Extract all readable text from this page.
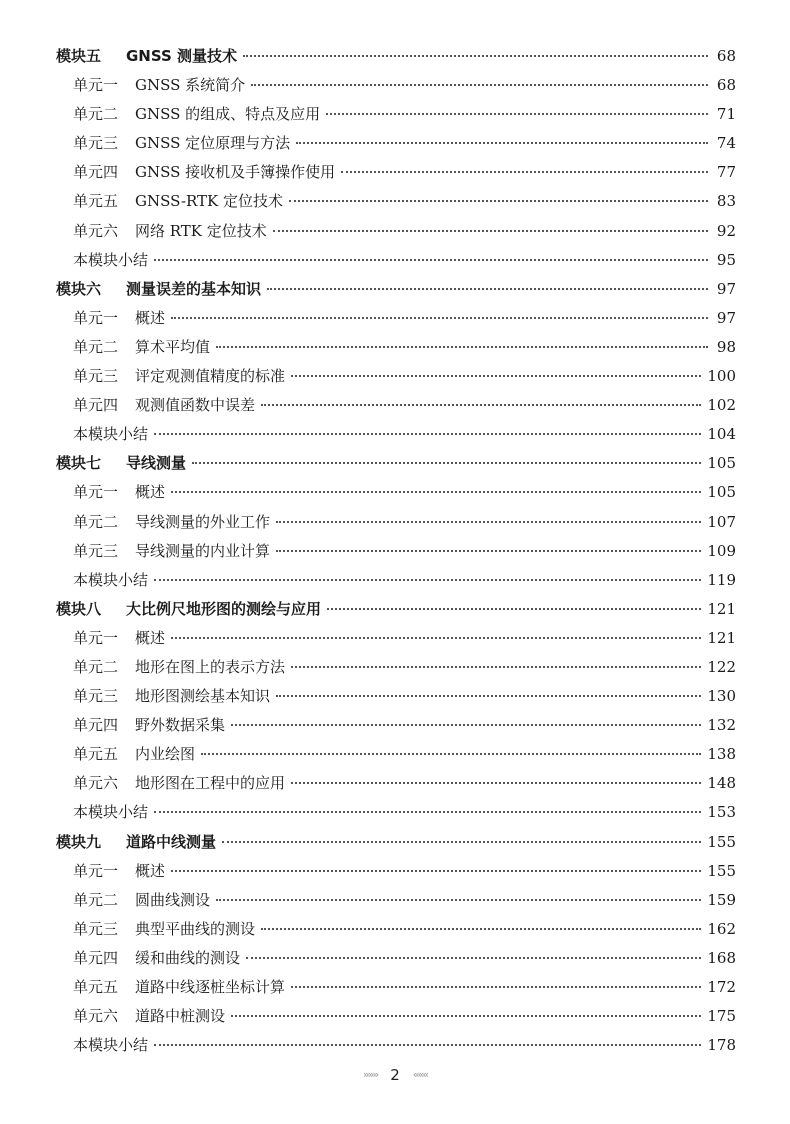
模块五	GNSS 测量技术	68
单元一	GNSS 系统简介	68
单元二	GNSS 的组成、特点及应用	71
单元三	GNSS 定位原理与方法	74
单元四	GNSS 接收机及手簿操作使用	77
单元五	GNSS-RTK 定位技术	83
单元六	网络 RTK 定位技术	92
本模块小结	95
模块六	测量误差的基本知识	97
单元一	概述	97
单元二	算术平均值	98
单元三	评定观测值精度的标准	100
单元四	观测值函数中误差	102
本模块小结	104
模块七	导线测量	105
单元一	概述	105
单元二	导线测量的外业工作	107
单元三	导线测量的内业计算	109
本模块小结	119
模块八	大比例尺地形图的测绘与应用	121
单元一	概述	121
单元二	地形在图上的表示方法	122
单元三	地形图测绘基本知识	130
单元四	野外数据采集	132
单元五	内业绘图	138
单元六	地形图在工程中的应用	148
本模块小结	153
模块九	道路中线测量	155
单元一	概述	155
单元二	圆曲线测设	159
单元三	典型平曲线的测设	162
单元四	缓和曲线的测设	168
单元五	道路中线逐桩坐标计算	172
单元六	道路中桩测设	175
本模块小结	178
»»» 2 «««
